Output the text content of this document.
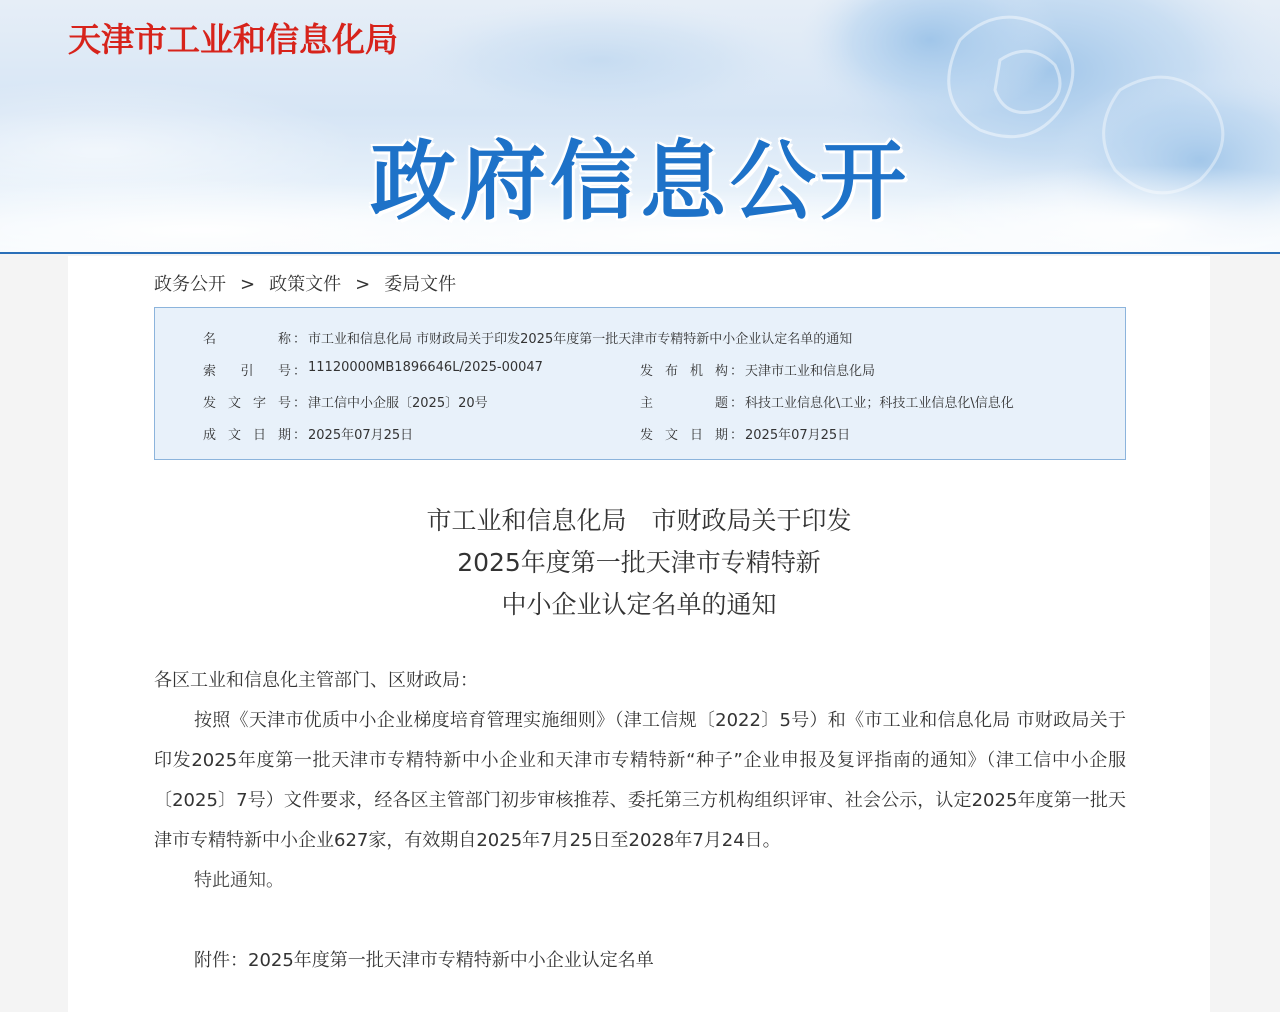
天津市工业和信息化局
政府信息公开
政务公开 > 政策文件 > 委局文件
名　　称 ： 市工业和信息化局 市财政局关于印发2025年度第一批天津市专精特新中小企业认定名单的通知
索 引 号 ： 11120000MB1896646L/2025-00047	发布机构 ： 天津市工业和信息化局
发文字号 ： 津工信中小企服〔2025〕20号	主　　题 ： 科技工业信息化\工业；科技工业信息化\信息化
成文日期 ： 2025年07月25日	发文日期 ： 2025年07月25日
市工业和信息化局　市财政局关于印发
2025年度第一批天津市专精特新
中小企业认定名单的通知
各区工业和信息化主管部门、区财政局：
按照《天津市优质中小企业梯度培育管理实施细则》（津工信规〔2022〕5号）和《市工业和信息化局 市财政局关于印发2025年度第一批天津市专精特新中小企业和天津市专精特新“种子”企业申报及复评指南的通知》（津工信中小企服〔2025〕7号）文件要求，经各区主管部门初步审核推荐、委托第三方机构组织评审、社会公示，认定2025年度第一批天津市专精特新中小企业627家，有效期自2025年7月25日至2028年7月24日。
特此通知。
附件：2025年度第一批天津市专精特新中小企业认定名单
